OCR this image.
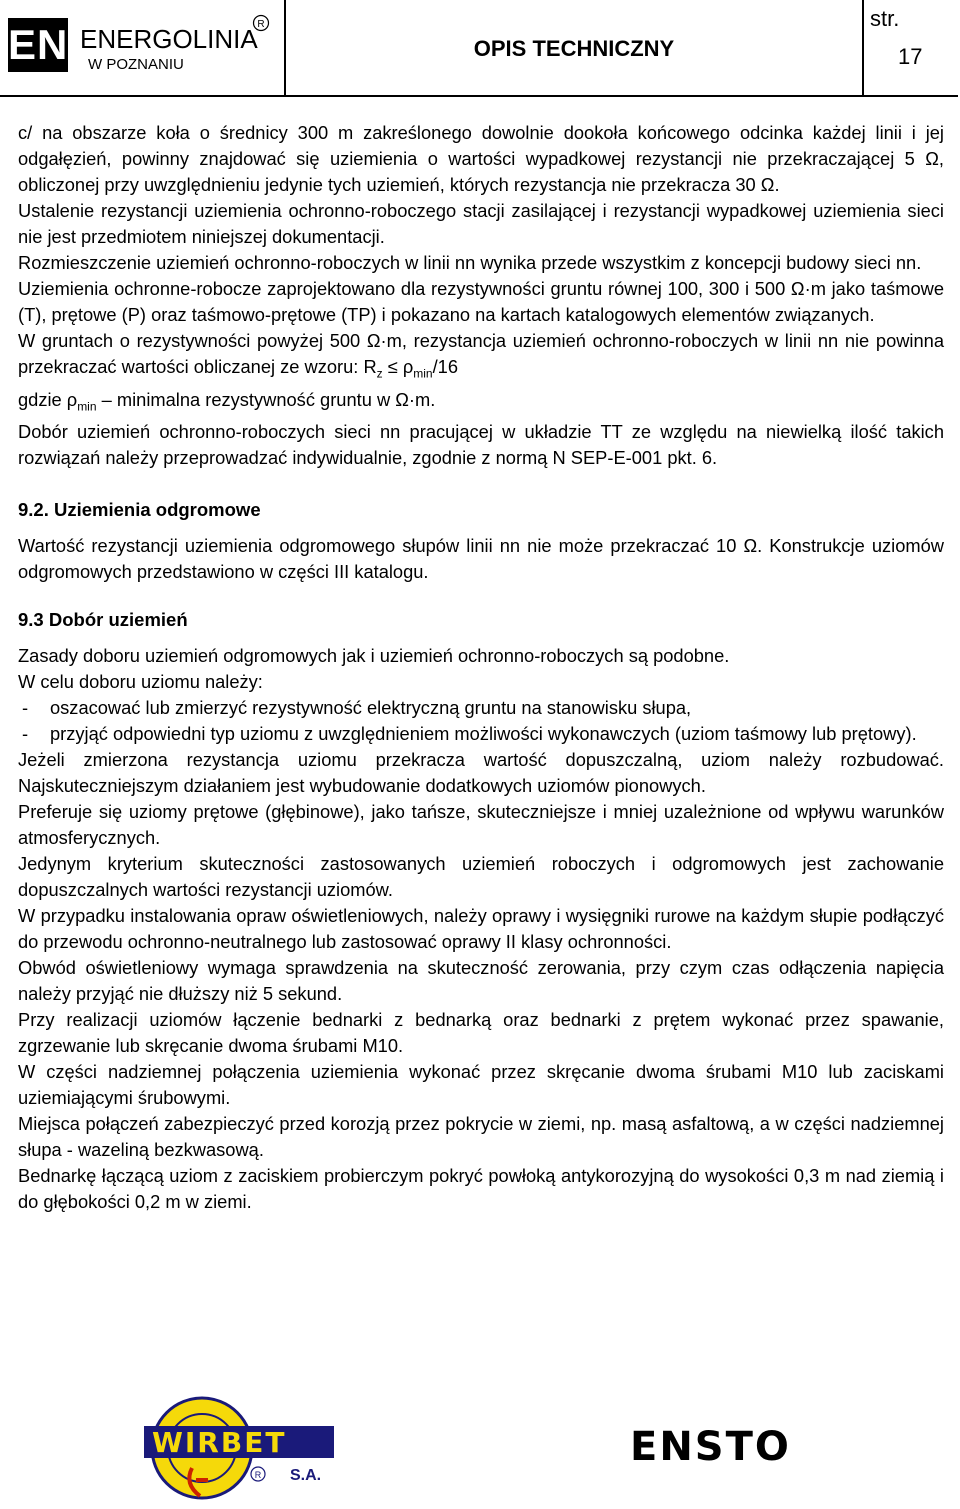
EN ENERGOLINIA R
W POZNANIU
OPIS TECHNICZNY
str.
17

c/ na obszarze koła o średnicy 300 m zakreślonego dowolnie dookoła końcowego odcinka każdej linii i jej odgałęzień, powinny znajdować się uziemienia o wartości wypadkowej rezystancji nie przekraczającej 5 Ω, obliczonej przy uwzględnieniu jedynie tych uziemień, których rezystancja nie przekracza 30 Ω.

Ustalenie rezystancji uziemienia ochronno-roboczego stacji zasilającej i rezystancji wypadkowej uziemienia sieci nie jest przedmiotem niniejszej dokumentacji.

Rozmieszczenie uziemień ochronno-roboczych w linii nn wynika przede wszystkim z koncepcji budowy sieci nn.

Uziemienia ochronne-robocze zaprojektowano dla rezystywności gruntu równej 100, 300 i 500 Ω·m jako taśmowe (T), prętowe (P) oraz taśmowo-prętowe (TP) i pokazano na kartach katalogowych elementów związanych.

W gruntach o rezystywności powyżej 500 Ω·m, rezystancja uziemień ochronno-roboczych w linii nn nie powinna przekraczać wartości obliczanej ze wzoru: $R_z \le \rho_{min}/16$

gdzie $\rho_{min}$ – minimalna rezystywność gruntu w Ω·m.

Dobór uziemień ochronno-roboczych sieci nn pracującej w układzie TT ze względu na niewielką ilość takich rozwiązań należy przeprowadzać indywidualnie, zgodnie z normą N SEP-E-001 pkt. 6.

9.2. Uziemienia odgromowe

Wartość rezystancji uziemienia odgromowego słupów linii nn nie może przekraczać 10 Ω. Konstrukcje uziomów odgromowych przedstawiono w części III katalogu.

9.3 Dobór uziemień

Zasady doboru uziemień odgromowych jak i uziemień ochronno-roboczych są podobne.

W celu doboru uziomu należy:

-	oszacować lub zmierzyć rezystywność elektryczną gruntu na stanowisku słupa,
-	przyjąć odpowiedni typ uziomu z uwzględnieniem możliwości wykonawczych (uziom taśmowy lub prętowy).

Jeżeli zmierzona rezystancja uziomu przekracza wartość dopuszczalną, uziom należy rozbudować. Najskuteczniejszym działaniem jest wybudowanie dodatkowych uziomów pionowych.

Preferuje się uziomy prętowe (głębinowe), jako tańsze, skuteczniejsze i mniej uzależnione od wpływu warunków atmosferycznych.

Jedynym kryterium skuteczności zastosowanych uziemień roboczych i odgromowych jest zachowanie dopuszczalnych wartości rezystancji uziomów.

W przypadku instalowania opraw oświetleniowych, należy oprawy i wysięgniki rurowe na każdym słupie podłączyć do przewodu ochronno-neutralnego lub zastosować oprawy II klasy ochronności.

Obwód oświetleniowy wymaga sprawdzenia na skuteczność zerowania, przy czym czas odłączenia napięcia należy przyjąć nie dłuższy niż 5 sekund.

Przy realizacji uziomów łączenie bednarki z bednarką oraz bednarki z prętem wykonać przez spawanie, zgrzewanie lub skręcanie dwoma śrubami M10.

W części nadziemnej połączenia uziemienia wykonać przez skręcanie dwoma śrubami M10 lub zaciskami uziemiającymi śrubowymi.

Miejsca połączeń zabezpieczyć przed korozją przez pokrycie w ziemi, np. masą asfaltową, a w części nadziemnej słupa - wazeliną bezkwasową.

Bednarkę łączącą uziom z zaciskiem probierczym pokryć powłoką antykorozyjną do wysokości 0,3 m nad ziemią i do głębokości 0,2 m w ziemi.

WIRBET
S.A.
R
ENSTO
